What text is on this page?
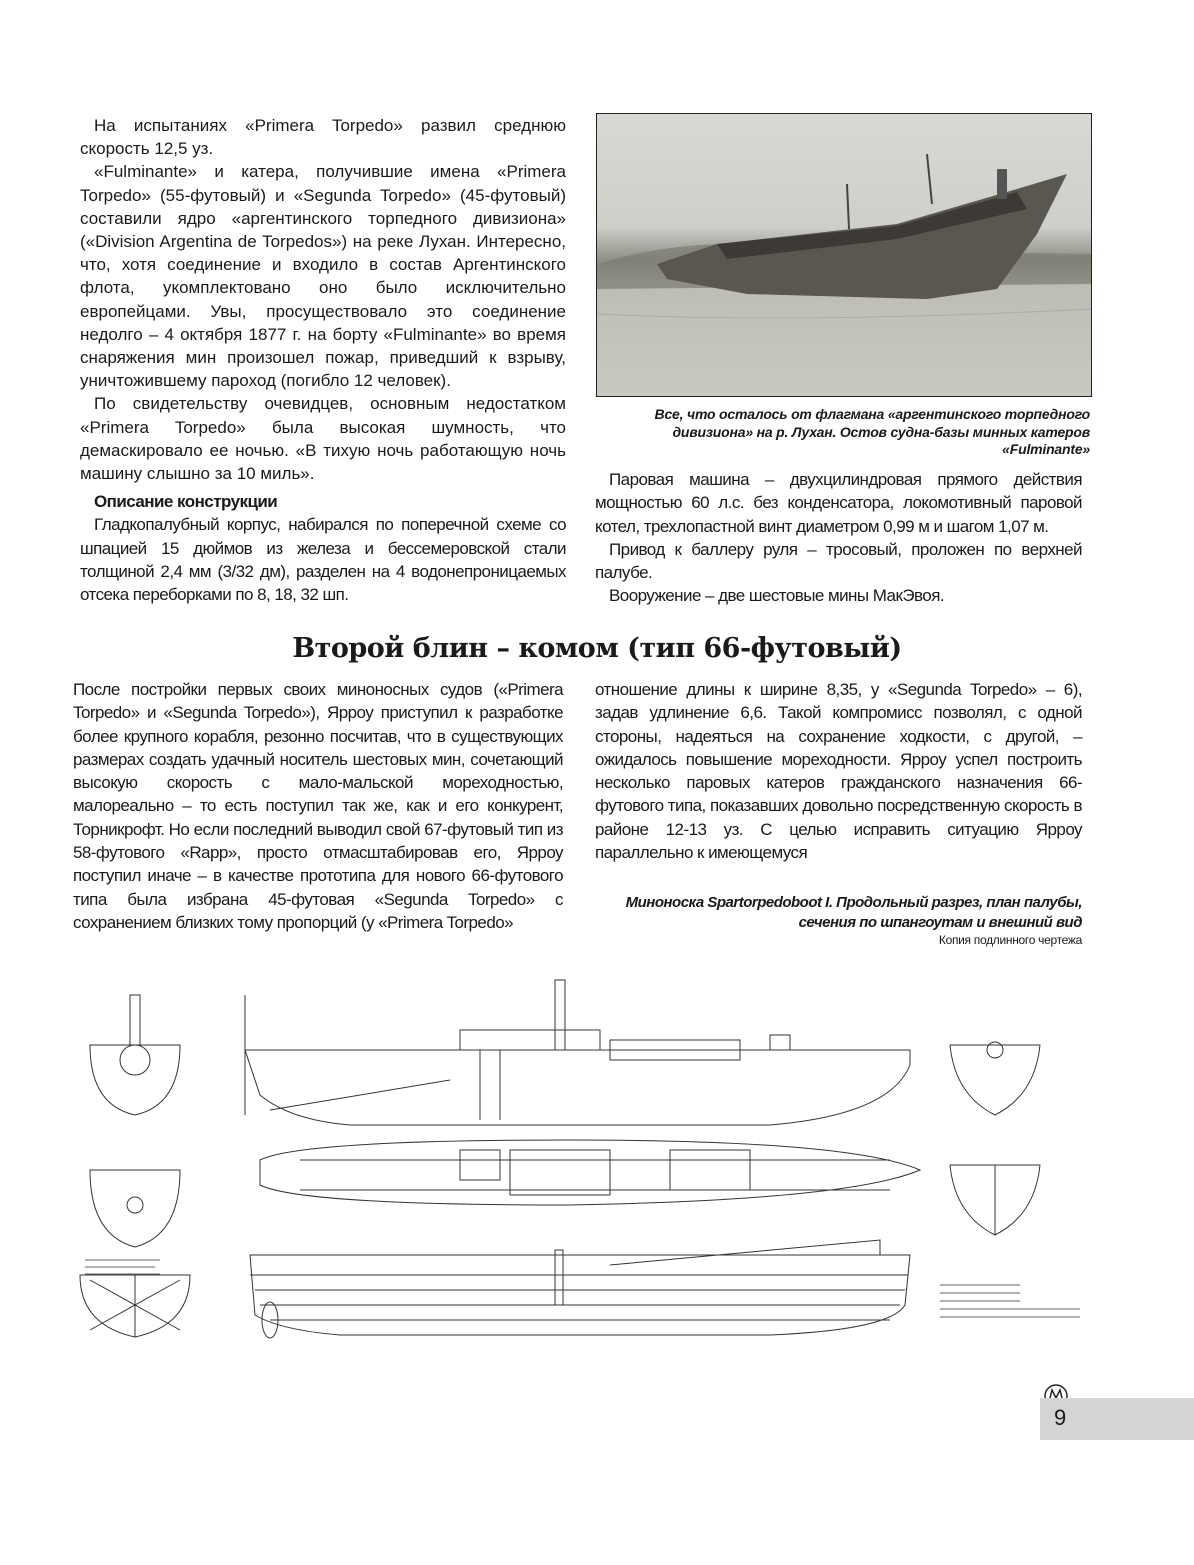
На испытаниях «Primera Torpedo» развил среднюю скорость 12,5 уз.

«Fulminante» и катера, получившие имена «Primera Torpedo» (55-футовый) и «Segunda Torpedo» (45-футовый) составили ядро «аргентинского торпедного дивизиона» («Division Argentina de Torpedos») на реке Лухан. Интересно, что, хотя соединение и входило в состав Аргентинского флота, укомплектовано оно было исключительно европейцами. Увы, просуществовало это соединение недолго – 4 октября 1877 г. на борту «Fulminante» во время снаряжения мин произошел пожар, приведший к взрыву, уничтожившему пароход (погибло 12 человек).

По свидетельству очевидцев, основным недостатком «Primera Torpedo» была высокая шумность, что демаскировало ее ночью. «В тихую ночь работающую ночь машину слышно за 10 миль».

Описание конструкции

Гладкопалубный корпус, набирался по поперечной схеме со шпацией 15 дюймов из железа и бессемеровской стали толщиной 2,4 мм (3/32 дм), разделен на 4 водонепроницаемых отсека переборками по 8, 18, 32 шп.

Все, что осталось от флагмана «аргентинского торпедного дивизиона» на р. Лухан. Остов судна-базы минных катеров «Fulminante»

Паровая машина – двухцилиндровая прямого действия мощностью 60 л.с. без конденсатора, локомотивный паровой котел, трехлопастной винт диаметром 0,99 м и шагом 1,07 м.

Привод к баллеру руля – тросовый, проложен по верхней палубе.

Вооружение – две шестовые мины МакЭвоя.

Второй блин – комом (тип 66-футовый)

После постройки первых своих миноносных судов («Primera Torpedo» и «Segunda Torpedo»), Ярроу приступил к разработке более крупного корабля, резонно посчитав, что в существующих размерах создать удачный носитель шестовых мин, сочетающий высокую скорость с мало-мальской мореходностью, малореально – то есть поступил так же, как и его конкурент, Торникрофт. Но если последний выводил свой 67-футовый тип из 58-футового «Rapp», просто отмасштабировав его, Ярроу поступил иначе – в качестве прототипа для нового 66-футового типа была избрана 45-футовая «Segunda Torpedo» с сохранением близких тому пропорций (у «Primera Torpedo»

отношение длины к ширине 8,35, у «Segunda Torpedo» – 6), задав удлинение 6,6. Такой компромисс позволял, с одной стороны, надеяться на сохранение ходкости, с другой, – ожидалось повышение мореходности. Ярроу успел построить несколько паровых катеров гражданского назначения 66-футового типа, показавших довольно посредственную скорость в районе 12-13 уз. С целью исправить ситуацию Ярроу параллельно к имеющемуся

Миноноска Spartorpedoboot I. Продольный разрез, план палубы, сечения по шпангоутам и внешний вид
Копия подлинного чертежа
9
